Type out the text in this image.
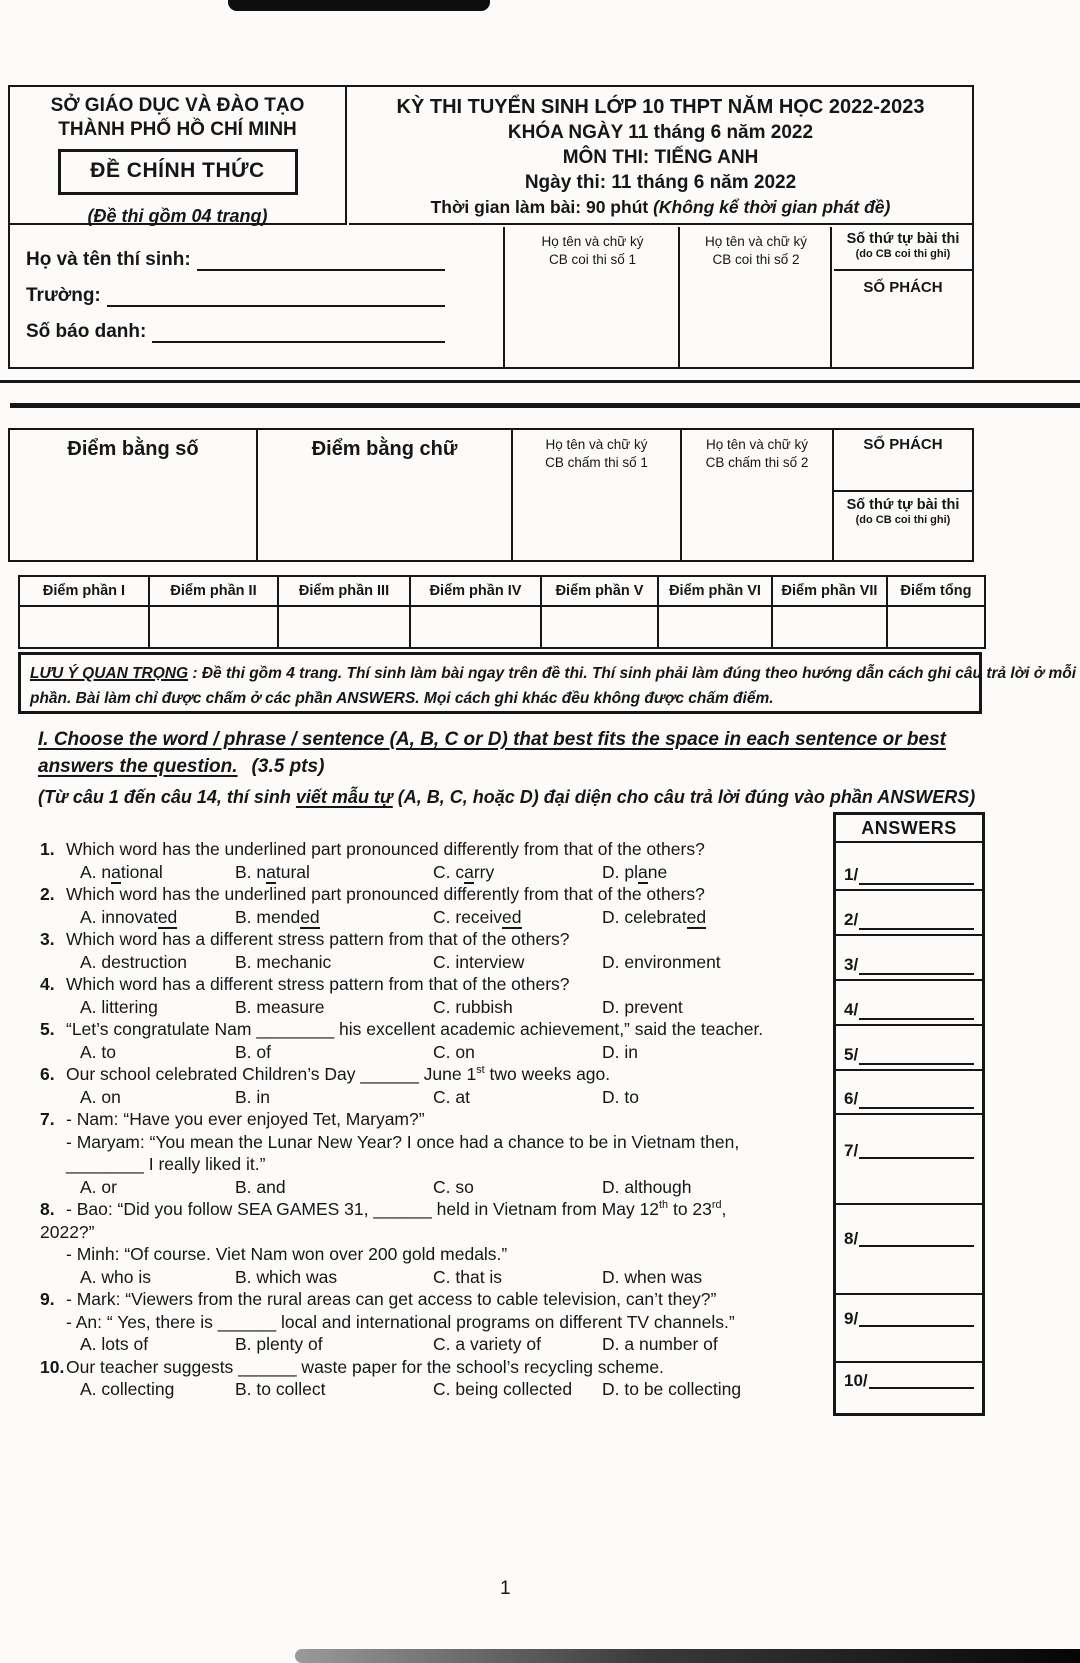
SỞ GIÁO DỤC VÀ ĐÀO TẠO
THÀNH PHỐ HỒ CHÍ MINH
ĐỀ CHÍNH THỨC
(Đề thi gồm 04 trang)
KỲ THI TUYỂN SINH LỚP 10 THPT NĂM HỌC 2022-2023
KHÓA NGÀY 11 tháng 6 năm 2022
MÔN THI: TIẾNG ANH
Ngày thi: 11 tháng 6 năm 2022
Thời gian làm bài: 90 phút (Không kể thời gian phát đề)
Họ và tên thí sinh:
Trường:
Số báo danh:
Họ tên và chữ ký
CB coi thi số 1
Họ tên và chữ ký
CB coi thi số 2
Số thứ tự bài thi
(do CB coi thi ghi)
SỐ PHÁCH
Điểm bằng số	Điểm bằng chữ	Họ tên và chữ ký
CB chấm thi số 1
Họ tên và chữ ký
CB chấm thi số 2
SỐ PHÁCH
Số thứ tự bài thi
(do CB coi thi ghi)
Điểm phần I	Điểm phần II	Điểm phần III	Điểm phần IV	Điểm phần V	Điểm phần VI	Điểm phần VII	Điểm tổng
LƯU Ý QUAN TRỌNG : Đề thi gồm 4 trang. Thí sinh làm bài ngay trên đề thi. Thí sinh phải làm đúng theo hướng dẫn cách ghi câu trả lời ở mỗi
phần. Bài làm chỉ được chấm ở các phần ANSWERS. Mọi cách ghi khác đều không được chấm điểm.
I. Choose the word / phrase / sentence (A, B, C or D) that best fits the space in each sentence or best
answers the question. (3.5 pts)
(Từ câu 1 đến câu 14, thí sinh viết mẫu tự (A, B, C, hoặc D) đại diện cho câu trả lời đúng vào phần ANSWERS)
1. Which word has the underlined part pronounced differently from that of the others?
A. national	B. natural	C. carry	D. plane
2. Which word has the underlined part pronounced differently from that of the others?
A. innovated	B. mended	C. received	D. celebrated
3. Which word has a different stress pattern from that of the others?
A. destruction	B. mechanic	C. interview	D. environment
4. Which word has a different stress pattern from that of the others?
A. littering	B. measure	C. rubbish	D. prevent
5. “Let’s congratulate Nam ________ his excellent academic achievement,” said the teacher.
A. to	B. of	C. on	D. in
6. Our school celebrated Children’s Day ______ June 1st two weeks ago.
A. on	B. in	C. at	D. to
7. - Nam: “Have you ever enjoyed Tet, Maryam?”
- Maryam: “You mean the Lunar New Year? I once had a chance to be in Vietnam then,
________ I really liked it.”
A. or	B. and	C. so	D. although
8. - Bao: “Did you follow SEA GAMES 31, ______ held in Vietnam from May 12th to 23rd,
2022?”
- Minh: “Of course. Viet Nam won over 200 gold medals.”
A. who is	B. which was	C. that is	D. when was
9. - Mark: “Viewers from the rural areas can get access to cable television, can’t they?”
- An: “ Yes, there is ______ local and international programs on different TV channels.”
A. lots of	B. plenty of	C. a variety of	D. a number of
10. Our teacher suggests ______ waste paper for the school’s recycling scheme.
A. collecting	B. to collect	C. being collected	D. to be collecting
ANSWERS
1/
2/
3/
4/
5/
6/
7/
8/
9/
10/
1
